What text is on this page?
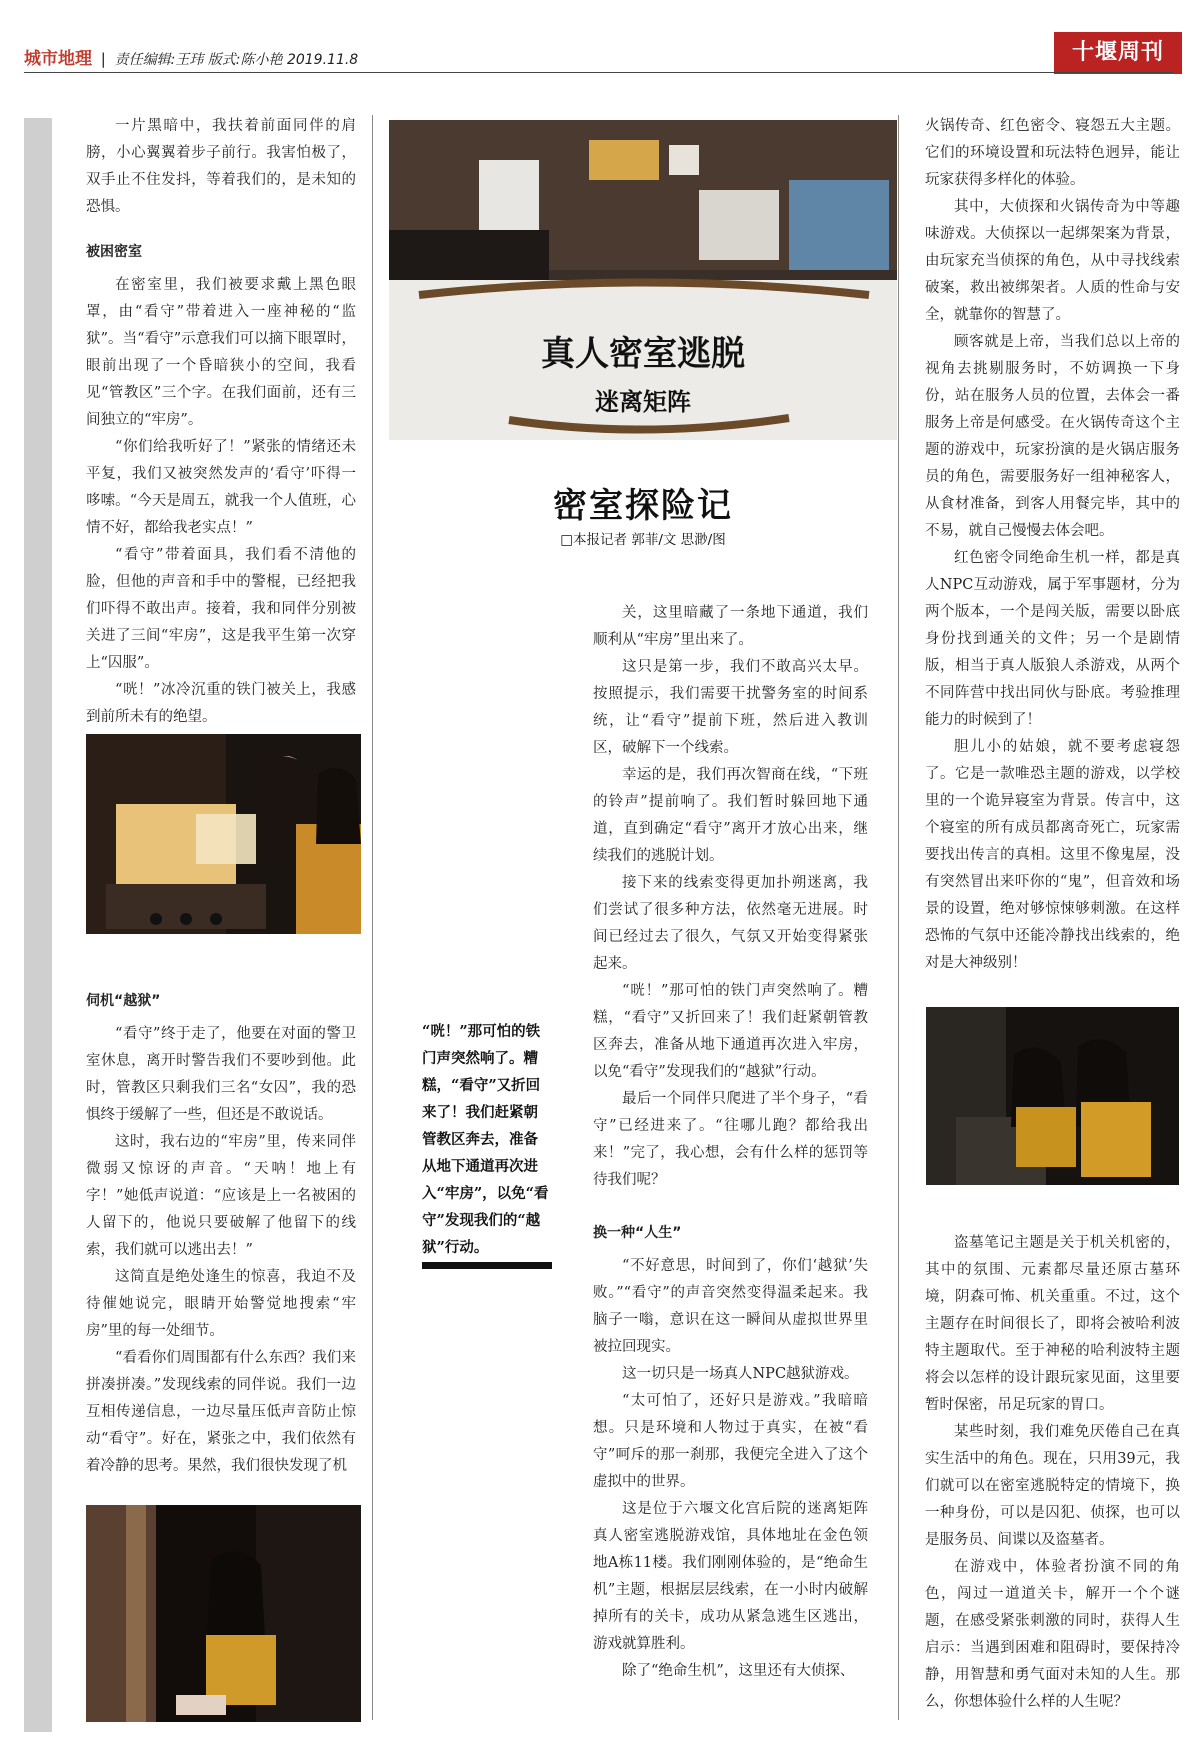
城市地理 | 责任编辑:王玮 版式:陈小艳 2019.11.8	十堰周刊

一片黑暗中，我扶着前面同伴的肩膀，小心翼翼着步子前行。我害怕极了，双手止不住发抖，等着我们的，是未知的恐惧。

被困密室

在密室里，我们被要求戴上黑色眼罩，由“看守”带着进入一座神秘的“监狱”。当“看守”示意我们可以摘下眼罩时，眼前出现了一个昏暗狭小的空间，我看见“管教区”三个字。在我们面前，还有三间独立的“牢房”。

“你们给我听好了！”紧张的情绪还未平复，我们又被突然发声的‘看守’吓得一哆嗦。“今天是周五，就我一个人值班，心情不好，都给我老实点！”

“看守”带着面具，我们看不清他的脸，但他的声音和手中的警棍，已经把我们吓得不敢出声。接着，我和同伴分别被关进了三间“牢房”，这是我平生第一次穿上“囚服”。

“咣！”冰冷沉重的铁门被关上，我感到前所未有的绝望。

伺机“越狱”

“看守”终于走了，他要在对面的警卫室休息，离开时警告我们不要吵到他。此时，管教区只剩我们三名“女囚”，我的恐惧终于缓解了一些，但还是不敢说话。

这时，我右边的“牢房”里，传来同伴微弱又惊讶的声音。“天呐！地上有字！”她低声说道：“应该是上一名被困的人留下的，他说只要破解了他留下的线索，我们就可以逃出去！”

这简直是绝处逢生的惊喜，我迫不及待催她说完，眼睛开始警觉地搜索“牢房”里的每一处细节。

“看看你们周围都有什么东西？我们来拼凑拼凑。”发现线索的同伴说。我们一边互相传递信息，一边尽量压低声音防止惊动“看守”。好在，紧张之中，我们依然有着冷静的思考。果然，我们很快发现了机

真人密室逃脱
迷离矩阵
密室探险记
□本报记者 郭菲/文 思渺/图
“咣！”那可怕的铁门声突然响了。糟糕，“看守”又折回来了！我们赶紧朝管教区奔去，准备从地下通道再次进入“牢房”，以免“看守”发现我们的“越狱”行动。

关，这里暗藏了一条地下通道，我们顺利从“牢房”里出来了。

这只是第一步，我们不敢高兴太早。按照提示，我们需要干扰警务室的时间系统，让“看守”提前下班，然后进入教训区，破解下一个线索。

幸运的是，我们再次智商在线，“下班的铃声”提前响了。我们暂时躲回地下通道，直到确定“看守”离开才放心出来，继续我们的逃脱计划。

接下来的线索变得更加扑朔迷离，我们尝试了很多种方法，依然毫无进展。时间已经过去了很久，气氛又开始变得紧张起来。

“咣！”那可怕的铁门声突然响了。糟糕，“看守”又折回来了！我们赶紧朝管教区奔去，准备从地下通道再次进入牢房，以免“看守”发现我们的“越狱”行动。

最后一个同伴只爬进了半个身子，“看守”已经进来了。“往哪儿跑？都给我出来！”完了，我心想，会有什么样的惩罚等待我们呢？

换一种“人生”

“不好意思，时间到了，你们‘越狱’失败。”“看守”的声音突然变得温柔起来。我脑子一嗡，意识在这一瞬间从虚拟世界里被拉回现实。

这一切只是一场真人NPC越狱游戏。

“太可怕了，还好只是游戏。”我暗暗想。只是环境和人物过于真实，在被“看守”呵斥的那一刹那，我便完全进入了这个虚拟中的世界。

这是位于六堰文化宫后院的迷离矩阵真人密室逃脱游戏馆，具体地址在金色领地A栋11楼。我们刚刚体验的，是“绝命生机”主题，根据层层线索，在一小时内破解掉所有的关卡，成功从紧急逃生区逃出，游戏就算胜利。

除了“绝命生机”，这里还有大侦探、

火锅传奇、红色密令、寝怨五大主题。它们的环境设置和玩法特色迥异，能让玩家获得多样化的体验。

其中，大侦探和火锅传奇为中等趣味游戏。大侦探以一起绑架案为背景，由玩家充当侦探的角色，从中寻找线索破案，救出被绑架者。人质的性命与安全，就靠你的智慧了。

顾客就是上帝，当我们总以上帝的视角去挑剔服务时，不妨调换一下身份，站在服务人员的位置，去体会一番服务上帝是何感受。在火锅传奇这个主题的游戏中，玩家扮演的是火锅店服务员的角色，需要服务好一组神秘客人，从食材准备，到客人用餐完毕，其中的不易，就自己慢慢去体会吧。

红色密令同绝命生机一样，都是真人NPC互动游戏，属于军事题材，分为两个版本，一个是闯关版，需要以卧底身份找到通关的文件；另一个是剧情版，相当于真人版狼人杀游戏，从两个不同阵营中找出同伙与卧底。考验推理能力的时候到了！

胆儿小的姑娘，就不要考虑寝怨了。它是一款唯恐主题的游戏，以学校里的一个诡异寝室为背景。传言中，这个寝室的所有成员都离奇死亡，玩家需要找出传言的真相。这里不像鬼屋，没有突然冒出来吓你的“鬼”，但音效和场景的设置，绝对够惊悚够刺激。在这样恐怖的气氛中还能冷静找出线索的，绝对是大神级别！

盗墓笔记主题是关于机关机密的，其中的氛围、元素都尽量还原古墓环境，阴森可怖、机关重重。不过，这个主题存在时间很长了，即将会被哈利波特主题取代。至于神秘的哈利波特主题将会以怎样的设计跟玩家见面，这里要暂时保密，吊足玩家的胃口。

某些时刻，我们难免厌倦自己在真实生活中的角色。现在，只用39元，我们就可以在密室逃脱特定的情境下，换一种身份，可以是囚犯、侦探，也可以是服务员、间谍以及盗墓者。

在游戏中，体验者扮演不同的角色，闯过一道道关卡，解开一个个谜题，在感受紧张刺激的同时，获得人生启示：当遇到困难和阻碍时，要保持冷静，用智慧和勇气面对未知的人生。那么，你想体验什么样的人生呢？
